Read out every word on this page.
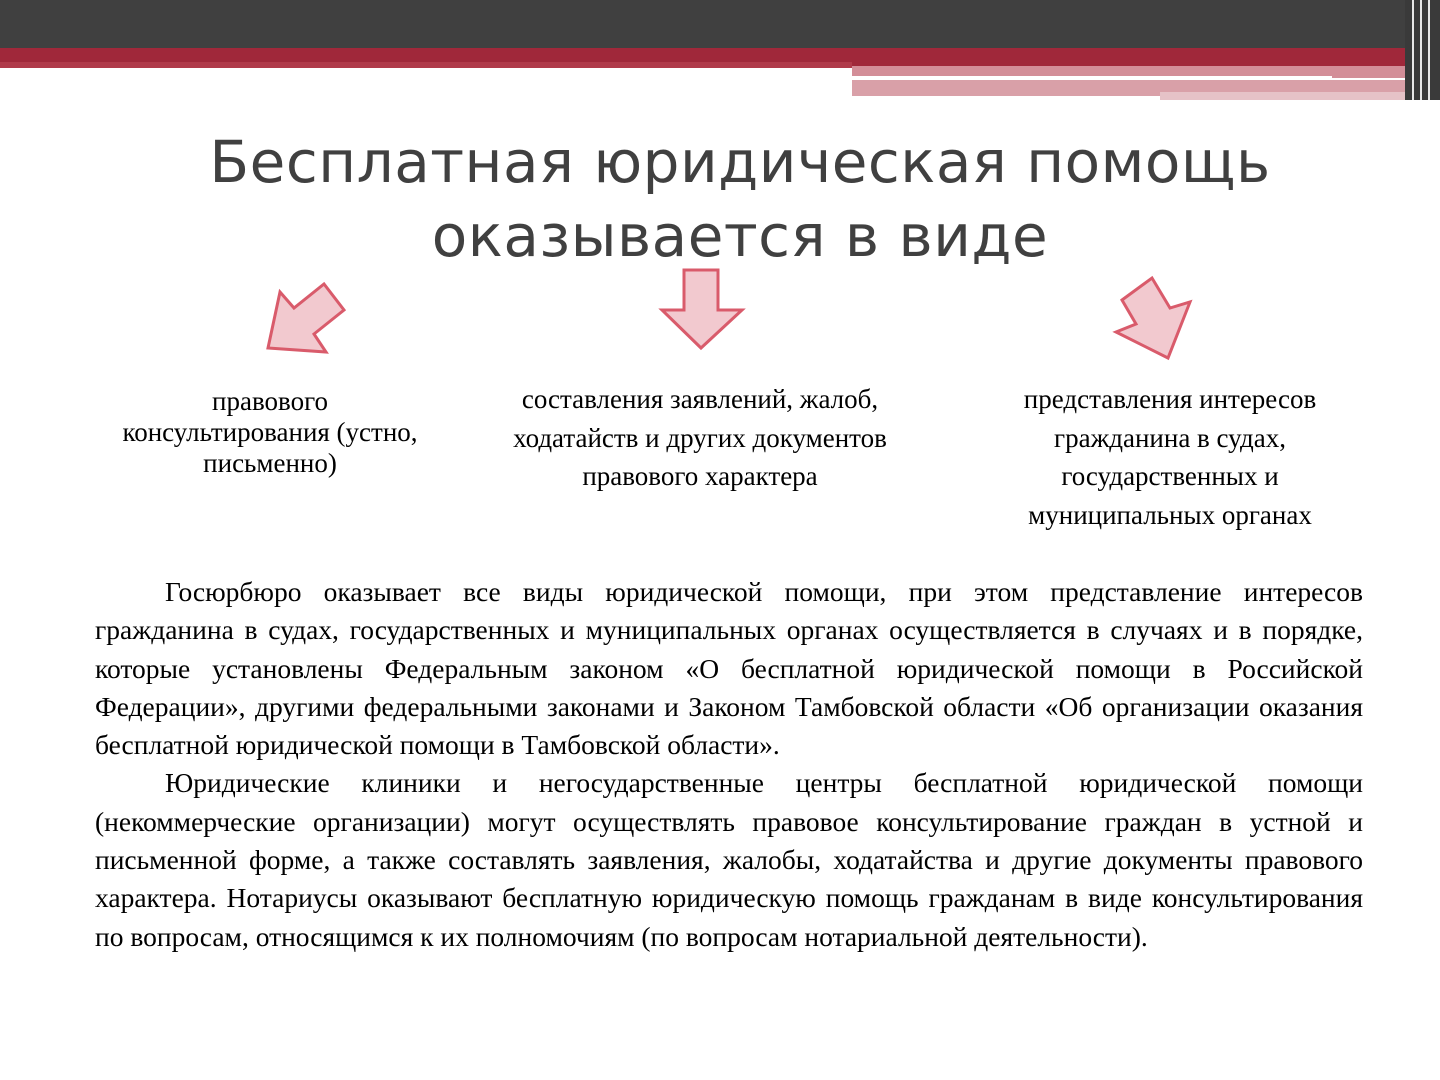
Бесплатная юридическая помощь
оказывается в виде
правового консультирования (устно, письменно)
составления заявлений, жалоб, ходатайств и других документов правового характера
представления интересов гражданина в судах, государственных и муниципальных органах

Госюрбюро оказывает все виды юридической помощи, при этом представление интересов гражданина в судах, государственных и муниципальных органах осуществляется в случаях и в порядке, которые установлены Федеральным законом «О бесплатной юридической помощи в Российской Федерации», другими федеральными законами и Законом Тамбовской области «Об организации оказания бесплатной юридической помощи в Тамбовской области».

Юридические клиники и негосударственные центры бесплатной юридической помощи (некоммерческие организации) могут осуществлять правовое консультирование граждан в устной и письменной форме, а также составлять заявления, жалобы, ходатайства и другие документы правового характера. Нотариусы оказывают бесплатную юридическую помощь гражданам в виде консультирования по вопросам, относящимся к их полномочиям (по вопросам нотариальной деятельности).
